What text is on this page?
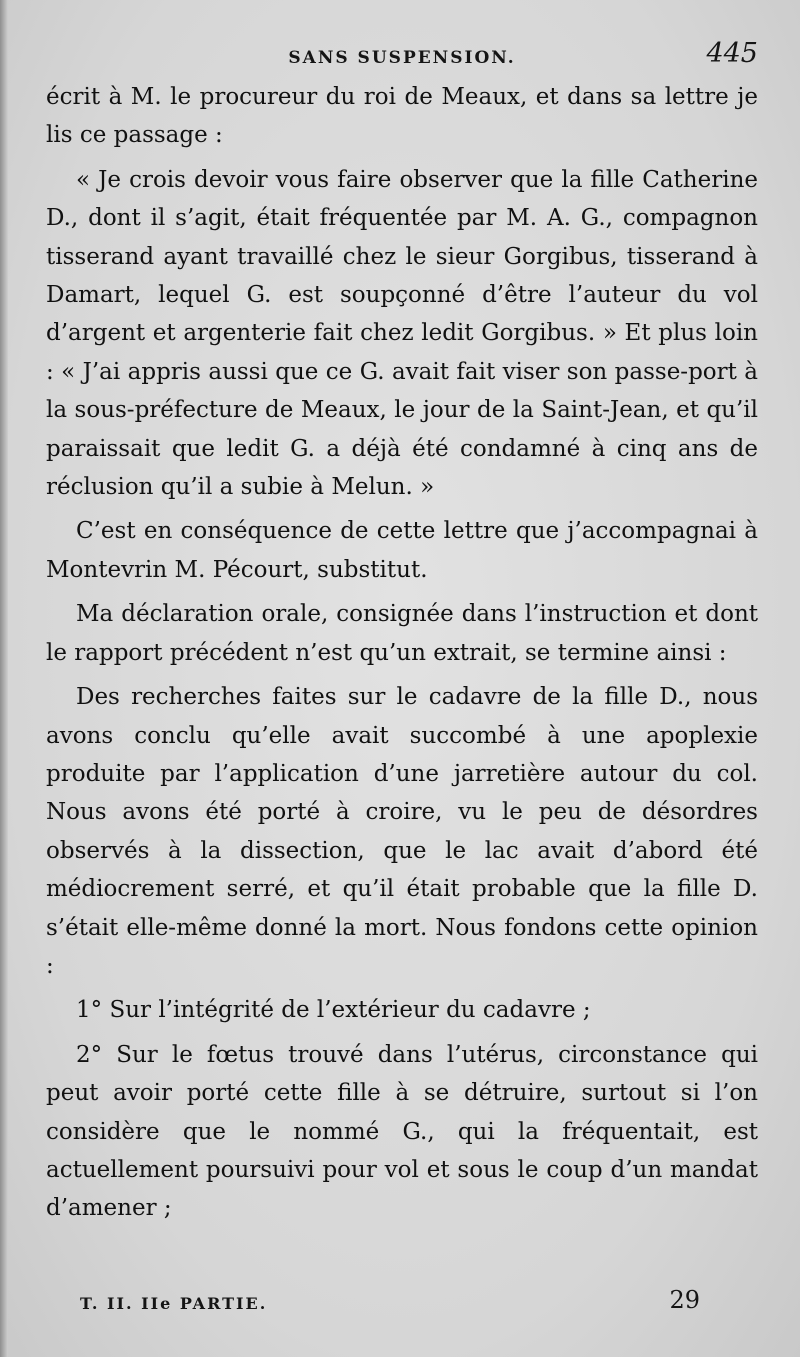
SANS SUSPENSION.	445

écrit à M. le procureur du roi de Meaux, et dans sa lettre je lis ce passage :

« Je crois devoir vous faire observer que la fille Catherine D., dont il s’agit, était fréquentée par M. A. G., compagnon tisserand ayant travaillé chez le sieur Gorgibus, tisserand à Damart, lequel G. est soupçonné d’être l’auteur du vol d’argent et argenterie fait chez ledit Gorgibus. » Et plus loin : « J’ai appris aussi que ce G. avait fait viser son passe-port à la sous-préfecture de Meaux, le jour de la Saint-Jean, et qu’il paraissait que ledit G. a déjà été condamné à cinq ans de réclusion qu’il a subie à Melun. »

C’est en conséquence de cette lettre que j’accompagnai à Montevrin M. Pécourt, substitut.

Ma déclaration orale, consignée dans l’instruction et dont le rapport précédent n’est qu’un extrait, se termine ainsi :

Des recherches faites sur le cadavre de la fille D., nous avons conclu qu’elle avait succombé à une apoplexie produite par l’application d’une jarretière autour du col. Nous avons été porté à croire, vu le peu de désordres observés à la dissection, que le lac avait d’abord été médiocrement serré, et qu’il était probable que la fille D. s’était elle-même donné la mort. Nous fondons cette opinion :

1° Sur l’intégrité de l’extérieur du cadavre ;

2° Sur le fœtus trouvé dans l’utérus, circonstance qui peut avoir porté cette fille à se détruire, surtout si l’on considère que le nommé G., qui la fréquentait, est actuellement poursuivi pour vol et sous le coup d’un mandat d’amener ;

T. II. IIe PARTIE.	29
